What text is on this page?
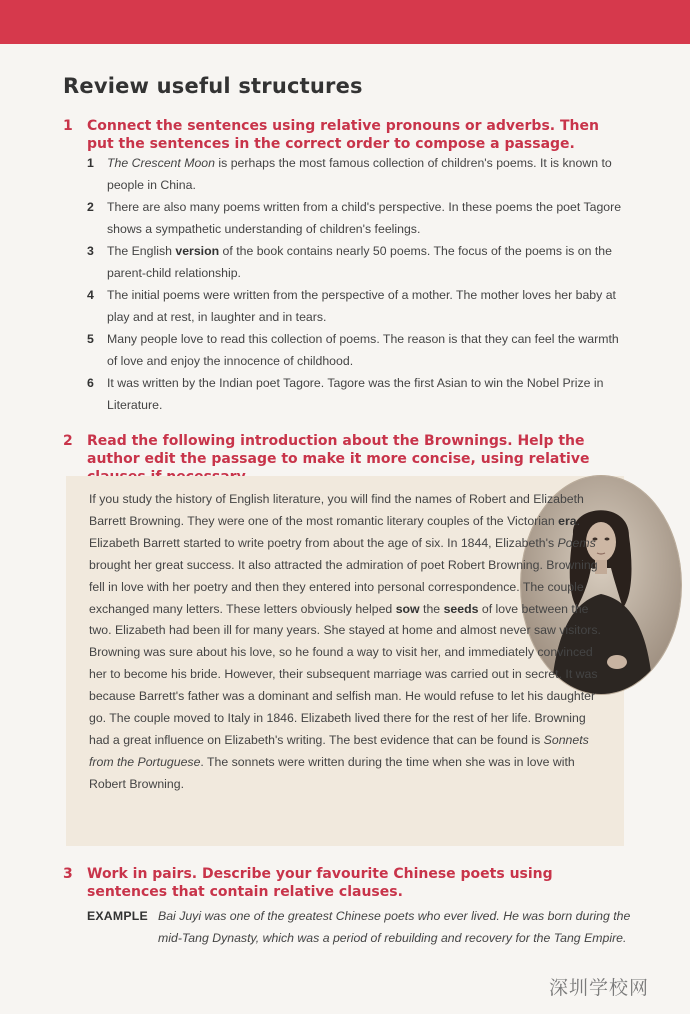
Review useful structures
1 Connect the sentences using relative pronouns or adverbs. Then put the sentences in the correct order to compose a passage.
1 The Crescent Moon is perhaps the most famous collection of children's poems. It is known to people in China.
2 There are also many poems written from a child's perspective. In these poems the poet Tagore shows a sympathetic understanding of children's feelings.
3 The English version of the book contains nearly 50 poems. The focus of the poems is on the parent-child relationship.
4 The initial poems were written from the perspective of a mother. The mother loves her baby at play and at rest, in laughter and in tears.
5 Many people love to read this collection of poems. The reason is that they can feel the warmth of love and enjoy the innocence of childhood.
6 It was written by the Indian poet Tagore. Tagore was the first Asian to win the Nobel Prize in Literature.
2 Read the following introduction about the Brownings. Help the author edit the passage to make it more concise, using relative

If you study the history of English literature, you will find the names of Robert and Elizabeth Barrett Browning. They were one of the most romantic literary couples of the Victorian era. Elizabeth Barrett started to write poetry from about the age of six. In 1844, Elizabeth's Poems brought her great success. It also attracted the admiration of poet Robert Browning. Browning fell in love with her poetry and then they entered into personal correspondence. The couple exchanged many letters. These letters obviously helped sow the seeds of love between the two. Elizabeth had been ill for many years. She stayed at home and almost never saw visitors. Browning was sure about his love, so he found a way to visit her, and immediately convinced her to become his bride. However, their subsequent marriage was carried out in secret. It was because Barrett's father was a dominant and selfish man. He would refuse to let his daughter go. The couple moved to Italy in 1846. Elizabeth lived there for the rest of her life. Browning had a great influence on Elizabeth's writing. The best evidence that can be found is Sonnets from the Portuguese. The sonnets were written during the time when she was in love with Robert Browning.

3 Work in pairs. Describe your favourite Chinese poets using sentences that contain relative clauses.
EXAMPLE Bai Juyi was one of the greatest Chinese poets who ever lived. He was born during the mid-Tang Dynasty, which was a period of rebuilding and recovery for the Tang Empire.
深圳学校网
